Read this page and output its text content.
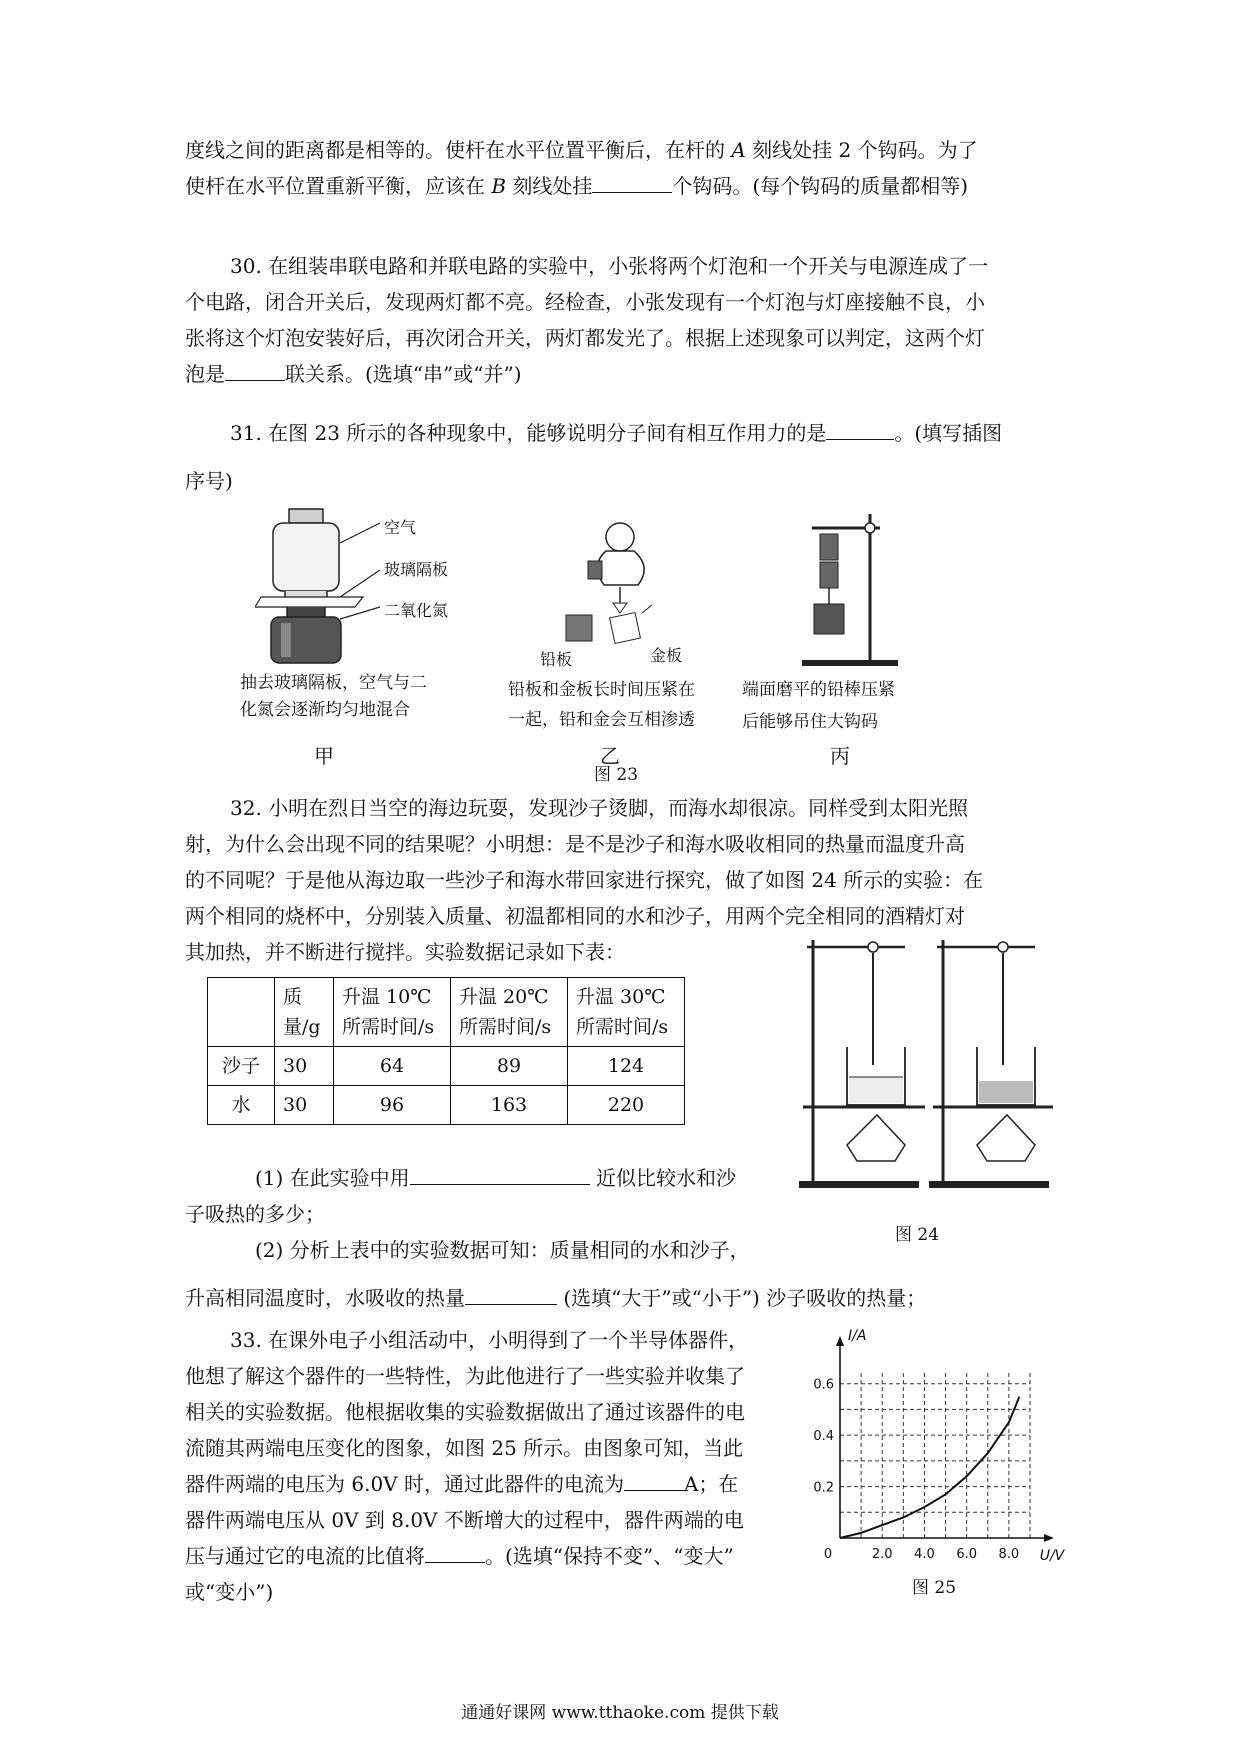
度线之间的距离都是相等的。使杆在水平位置平衡后，在杆的 A 刻线处挂 2 个钩码。为了
使杆在水平位置重新平衡，应该在 B 刻线处挂	个钩码。(每个钩码的质量都相等)
30. 在组装串联电路和并联电路的实验中，小张将两个灯泡和一个开关与电源连成了一
个电路，闭合开关后，发现两灯都不亮。经检查，小张发现有一个灯泡与灯座接触不良，小
张将这个灯泡安装好后，再次闭合开关，两灯都发光了。根据上述现象可以判定，这两个灯
泡是	联关系。(选填“串”或“并”)
31. 在图 23 所示的各种现象中，能够说明分子间有相互作用力的是	。(填写插图
序号)
空气
玻璃隔板
二氧化氮
抽去玻璃隔板，空气与二
化氮会逐渐均匀地混合
甲
铅板	金板
铅板和金板长时间压紧在
一起，铅和金会互相渗透
乙
图 23
端面磨平的铅棒压紧
后能够吊住大钩码
丙
32. 小明在烈日当空的海边玩耍，发现沙子烫脚，而海水却很凉。同样受到太阳光照
射，为什么会出现不同的结果呢？小明想：是不是沙子和海水吸收相同的热量而温度升高
的不同呢？于是他从海边取一些沙子和海水带回家进行探究，做了如图 24 所示的实验：在
两个相同的烧杯中，分别装入质量、初温都相同的水和沙子，用两个完全相同的酒精灯对
其加热，并不断进行搅拌。实验数据记录如下表：
	质量/g	升温 10℃所需时间/s	升温 20℃所需时间/s	升温 30℃所需时间/s
沙子	30	64	89	124
水	30	96	163	220
图 24
(1) 在此实验中用	近似比较水和沙
子吸热的多少；
(2) 分析上表中的实验数据可知：质量相同的水和沙子，
升高相同温度时，水吸收的热量	(选填“大于”或“小于”) 沙子吸收的热量；
33. 在课外电子小组活动中，小明得到了一个半导体器件，
他想了解这个器件的一些特性，为此他进行了一些实验并收集了
相关的实验数据。他根据收集的实验数据做出了通过该器件的电
流随其两端电压变化的图象，如图 25 所示。由图象可知，当此
器件两端的电压为 6.0V 时，通过此器件的电流为	A；在
器件两端电压从 0V 到 8.0V 不断增大的过程中，器件两端的电
压与通过它的电流的比值将	。(选填“保持不变”、“变大”
或“变小”)
2.0 4.0 6.0 8.0
0.2
0.4
0.6
0	U/V
I/A
图 25
通通好课网 www.tthaoke.com 提供下载
